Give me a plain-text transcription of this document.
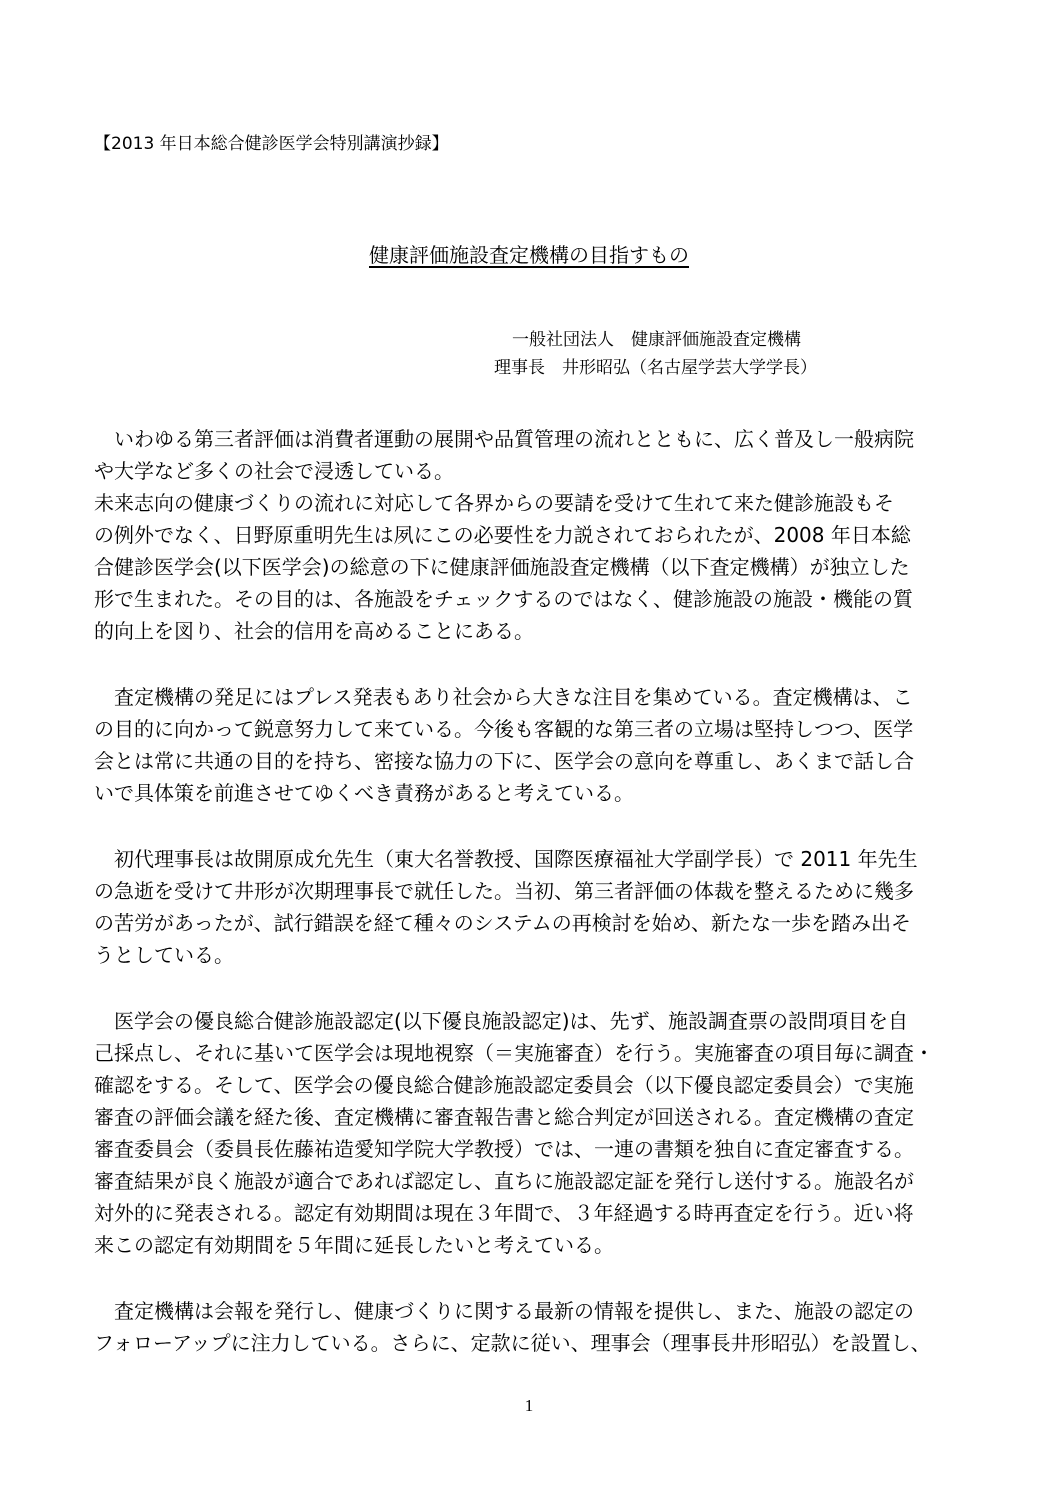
【2013 年日本総合健診医学会特別講演抄録】
健康評価施設査定機構の目指すもの
一般社団法人　健康評価施設査定機構
理事長　井形昭弘（名古屋学芸大学学長）
　いわゆる第三者評価は消費者運動の展開や品質管理の流れとともに、広く普及し一般病院
や大学など多くの社会で浸透している。
未来志向の健康づくりの流れに対応して各界からの要請を受けて生れて来た健診施設もそ
の例外でなく、日野原重明先生は夙にこの必要性を力説されておられたが、2008 年日本総
合健診医学会(以下医学会)の総意の下に健康評価施設査定機構（以下査定機構）が独立した
形で生まれた。その目的は、各施設をチェックするのではなく、健診施設の施設・機能の質
的向上を図り、社会的信用を高めることにある。
　査定機構の発足にはプレス発表もあり社会から大きな注目を集めている。査定機構は、こ
の目的に向かって鋭意努力して来ている。今後も客観的な第三者の立場は堅持しつつ、医学
会とは常に共通の目的を持ち、密接な協力の下に、医学会の意向を尊重し、あくまで話し合
いで具体策を前進させてゆくべき責務があると考えている。
　初代理事長は故開原成允先生（東大名誉教授、国際医療福祉大学副学長）で 2011 年先生
の急逝を受けて井形が次期理事長で就任した。当初、第三者評価の体裁を整えるために幾多
の苦労があったが、試行錯誤を経て種々のシステムの再検討を始め、新たな一歩を踏み出そ
うとしている。
　医学会の優良総合健診施設認定(以下優良施設認定)は、先ず、施設調査票の設問項目を自
己採点し、それに基いて医学会は現地視察（＝実施審査）を行う。実施審査の項目毎に調査・
確認をする。そして、医学会の優良総合健診施設認定委員会（以下優良認定委員会）で実施
審査の評価会議を経た後、査定機構に審査報告書と総合判定が回送される。査定機構の査定
審査委員会（委員長佐藤祐造愛知学院大学教授）では、一連の書類を独自に査定審査する。
審査結果が良く施設が適合であれば認定し、直ちに施設認定証を発行し送付する。施設名が
対外的に発表される。認定有効期間は現在３年間で、３年経過する時再査定を行う。近い将
来この認定有効期間を５年間に延長したいと考えている。
　査定機構は会報を発行し、健康づくりに関する最新の情報を提供し、また、施設の認定の
フォローアップに注力している。さらに、定款に従い、理事会（理事長井形昭弘）を設置し、
1
